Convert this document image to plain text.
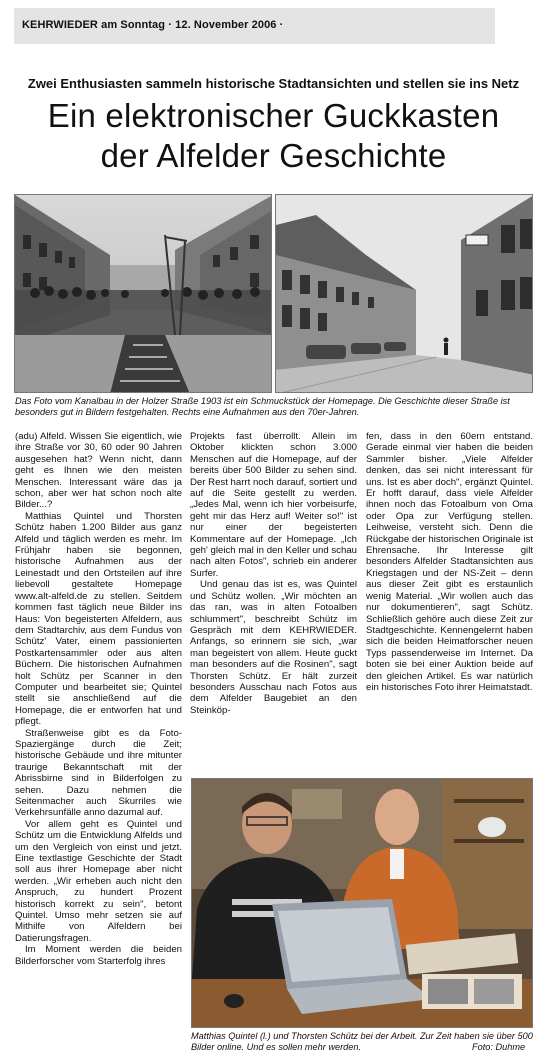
KEHRWIEDER am Sonntag · 12. November 2006 ·
Zwei Enthusiasten sammeln historische Stadtansichten und stellen sie ins Netz
Ein elektronischer Guckkasten
der Alfelder Geschichte
Das Foto vom Kanalbau in der Holzer Straße 1903 ist ein Schmuckstück der Homepage. Die Geschichte dieser Straße ist besonders gut in Bildern festgehalten. Rechts eine Aufnahmen aus den 70er-Jahren.

(adu) Alfeld. Wissen Sie eigentlich, wie ihre Straße vor 30, 60 oder 90 Jahren ausgesehen hat? Wenn nicht, dann geht es Ihnen wie den meisten Menschen. Interessant wäre das ja schon, aber wer hat schon noch alte Bilder...?

Matthias Quintel und Thorsten Schütz haben 1.200 Bilder aus ganz Alfeld und täglich werden es mehr. Im Frühjahr haben sie begonnen, historische Aufnahmen aus der Leinestadt und den Ortsteilen auf ihre liebevoll gestaltete Homepage www.alt-alfeld.de zu stellen. Seitdem kommen fast täglich neue Bilder ins Haus: Von begeisterten Alfeldern, aus dem Stadtarchiv, aus dem Fundus von Schütz' Vater, einem passionierten Postkartensammler oder aus alten Büchern. Die historischen Aufnahmen holt Schütz per Scanner in den Computer und bearbeitet sie; Quintel stellt sie anschließend auf die Homepage, die er entworfen hat und pflegt.

Straßenweise gibt es da Foto-Spaziergänge durch die Zeit; historische Gebäude und ihre mitunter traurige Bekanntschaft mit der Abrissbirne sind in Bilderfolgen zu sehen. Dazu nehmen die Seitenmacher auch Skurriles wie Verkehrsunfälle anno dazumal auf.

Vor allem geht es Quintel und Schütz um die Entwicklung Alfelds und um den Vergleich von einst und jetzt. Eine textlastige Geschichte der Stadt soll aus ihrer Homepage aber nicht werden. „Wir erheben auch nicht den Anspruch, zu hundert Prozent historisch korrekt zu sein", betont Quintel. Umso mehr setzen sie auf Mithilfe von Alfeldern bei Datierungsfragen.

Im Moment werden die beiden Bilderforscher vom Starterfolg ihres

Projekts fast überrollt. Allein im Oktober klickten schon 3.000 Menschen auf die Homepage, auf der bereits über 500 Bilder zu sehen sind. Der Rest harrt noch darauf, sortiert und auf die Seite gestellt zu werden. „Jedes Mal, wenn ich hier vorbeisurfe, geht mir das Herz auf! Weiter so!" ist nur einer der begeisterten Kommentare auf der Homepage. „Ich geh' gleich mal in den Keller und schau nach alten Fotos", schrieb ein anderer Surfer.

Und genau das ist es, was Quintel und Schütz wollen. „Wir möchten an das ran, was in alten Fotoalben schlummert", beschreibt Schütz im Gespräch mit dem KEHRWIEDER. Anfangs, so erinnern sie sich, „war man begeistert von allem. Heute guckt man besonders auf die Rosinen", sagt Thorsten Schütz. Er hält zurzeit besonders Ausschau nach Fotos aus dem Alfelder Baugebiet an den Steinköp-

fen, dass in den 60ern entstand. Gerade einmal vier haben die beiden Sammler bisher. „Viele Alfelder denken, das sei nicht interessant für uns. Ist es aber doch", ergänzt Quintel. Er hofft darauf, dass viele Alfelder ihnen noch das Fotoalbum von Oma oder Opa zur Verfügung stellen. Leihweise, versteht sich. Denn die Rückgabe der historischen Originale ist Ehrensache. Ihr Interesse gilt besonders Alfelder Stadtansichten aus Kriegstagen und der NS-Zeit – denn aus dieser Zeit gibt es erstaunlich wenig Material. „Wir wollen auch das nur dokumentieren", sagt Schütz. Schließlich gehöre auch diese Zeit zur Stadtgeschichte. Kennengelernt haben sich die beiden Heimatforscher neuen Typs passenderweise im Internet. Da boten sie bei einer Auktion beide auf den gleichen Artikel. Es war natürlich ein historisches Foto ihrer Heimatstadt.

Matthias Quintel (l.) und Thorsten Schütz bei der Arbeit. Zur Zeit haben sie über 500 Bilder online. Und es sollen mehr werden.	Foto: Duhme
